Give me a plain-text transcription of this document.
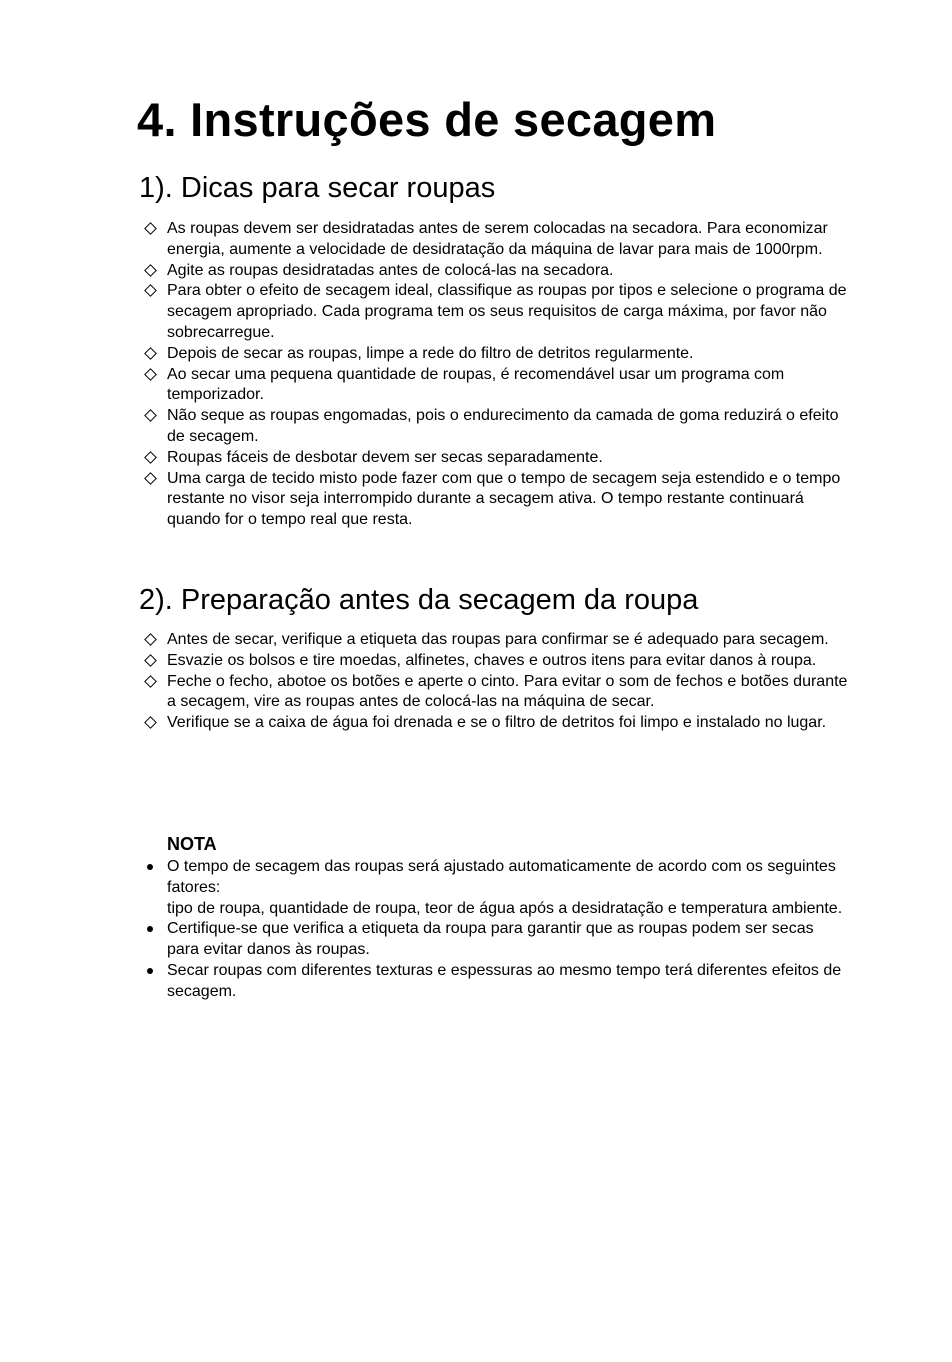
4. Instruções de secagem
1). Dicas para secar roupas
As roupas devem ser desidratadas antes de serem colocadas na secadora. Para economizar energia, aumente a velocidade de desidratação da máquina de lavar para mais de 1000rpm.
Agite as roupas desidratadas antes de colocá-las na secadora.
Para obter o efeito de secagem ideal, classifique as roupas por tipos e selecione o programa de secagem apropriado. Cada programa tem os seus requisitos de carga máxima, por favor não sobrecarregue.
Depois de secar as roupas, limpe a rede do filtro de detritos regularmente.
Ao secar uma pequena quantidade de roupas, é recomendável usar um programa com temporizador.
Não seque as roupas engomadas, pois o endurecimento da camada de goma reduzirá o efeito de secagem.
Roupas fáceis de desbotar devem ser secas separadamente.
Uma carga de tecido misto pode fazer com que o tempo de secagem seja estendido e o tempo restante no visor seja interrompido durante a secagem ativa. O tempo restante continuará quando for o tempo real que resta.
2). Preparação antes da secagem da roupa
Antes de secar, verifique a etiqueta das roupas para confirmar se é adequado para secagem.
Esvazie os bolsos e tire moedas, alfinetes, chaves e outros itens para evitar danos à roupa.
Feche o fecho, abotoe os botões e aperte o cinto. Para evitar o som de fechos e botões durante a secagem, vire as roupas antes de colocá-las na máquina de secar.
Verifique se a caixa de água foi drenada e se o filtro de detritos foi limpo e instalado no lugar.
NOTA
O tempo de secagem das roupas será ajustado automaticamente de acordo com os seguintes fatores:
tipo de roupa, quantidade de roupa, teor de água após a desidratação e temperatura ambiente.
Certifique-se que verifica a etiqueta da roupa para garantir que as roupas podem ser secas para evitar danos às roupas.
Secar roupas com diferentes texturas e espessuras ao mesmo tempo terá diferentes efeitos de secagem.
